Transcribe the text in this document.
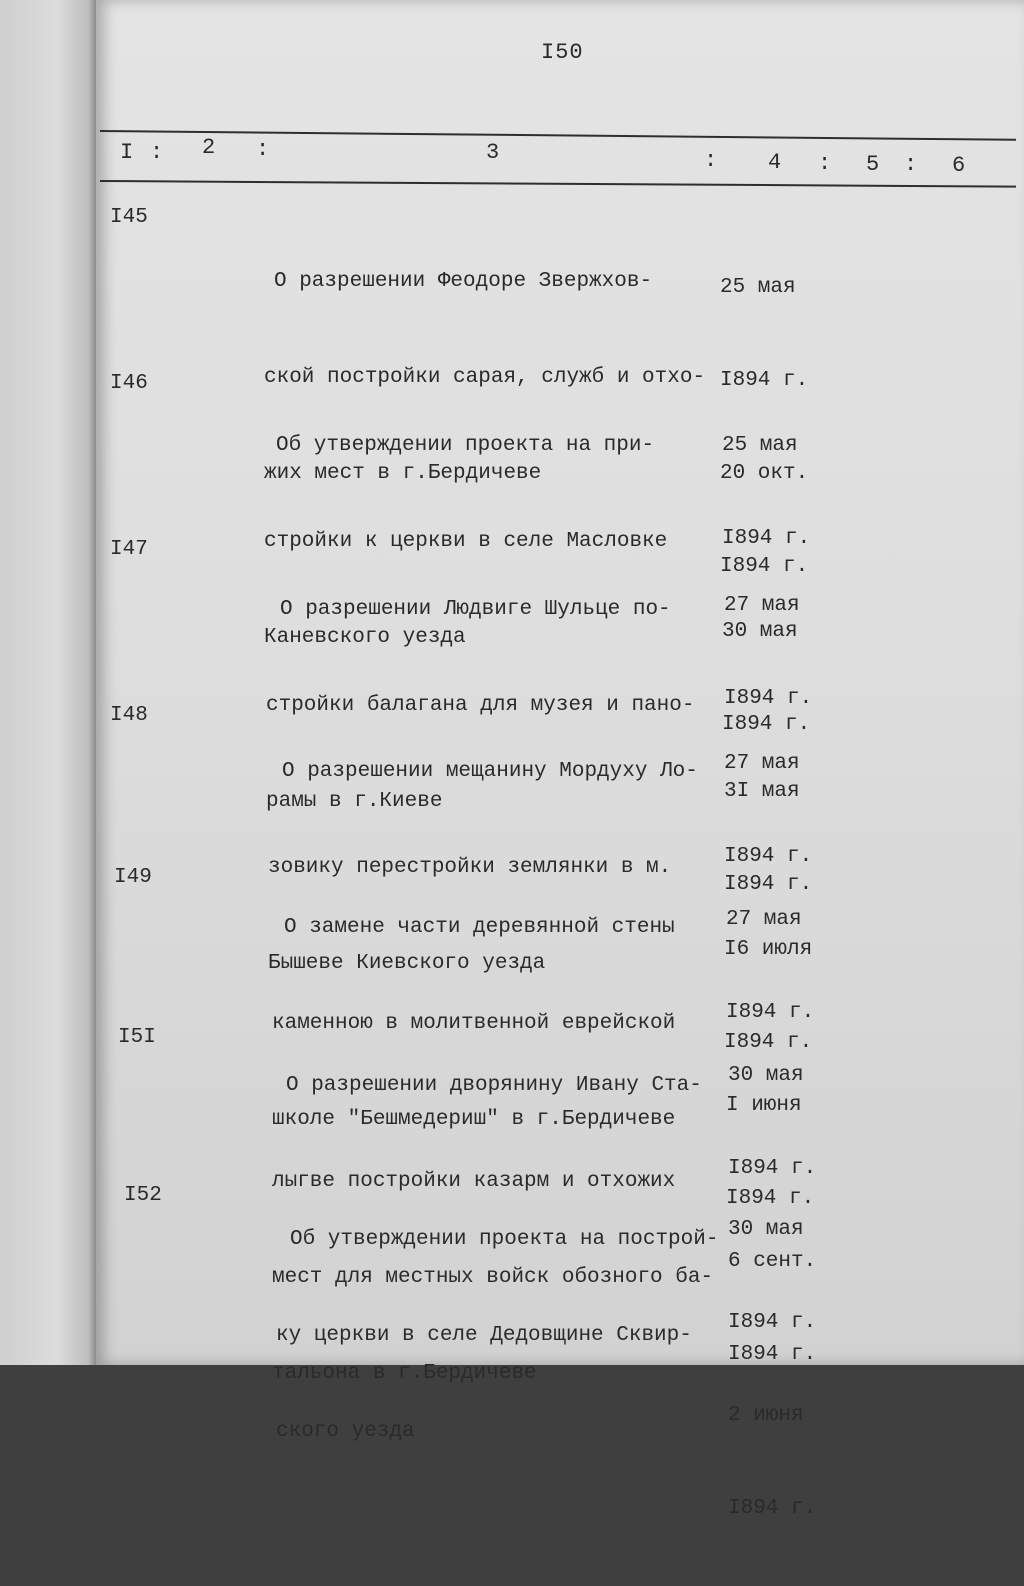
I50
I : 2 :	3	: 4 : 5 : 6
I45

О разрешении Феодоре Звержхов-

ской постройки сарая, служб и отхо-

жих мест в г.Бердичеве

25 мая

I894 г.

20 окт.

I894 г.

I46

Об утверждении проекта на при-

стройки к церкви в селе Масловке

Каневского уезда

25 мая

I894 г.

30 мая

I894 г.

I47

О разрешении Людвиге Шульце по-

стройки балагана для музея и пано-

рамы в г.Киеве

27 мая

I894 г.

3I мая

I894 г.

I48

О разрешении мещанину Мордуху Ло-

зовику перестройки землянки в м.

Бышеве Киевского уезда

27 мая

I894 г.

I6 июля

I894 г.

I49

О замене части деревянной стены

каменною в молитвенной еврейской

школе "Бешмедериш" в г.Бердичеве

27 мая

I894 г.

I июня

I894 г.

I5I

О разрешении дворянину Ивану Ста-

лыгве постройки казарм и отхожих

мест для местных войск обозного ба-

тальона в г.Бердичеве

30 мая

I894 г.

6 сент.

I894 г.

I52

Об утверждении проекта на построй-

ку церкви в селе Дедовщине Сквир-

ского уезда

30 мая

I894 г.

2 июня

I894 г.
